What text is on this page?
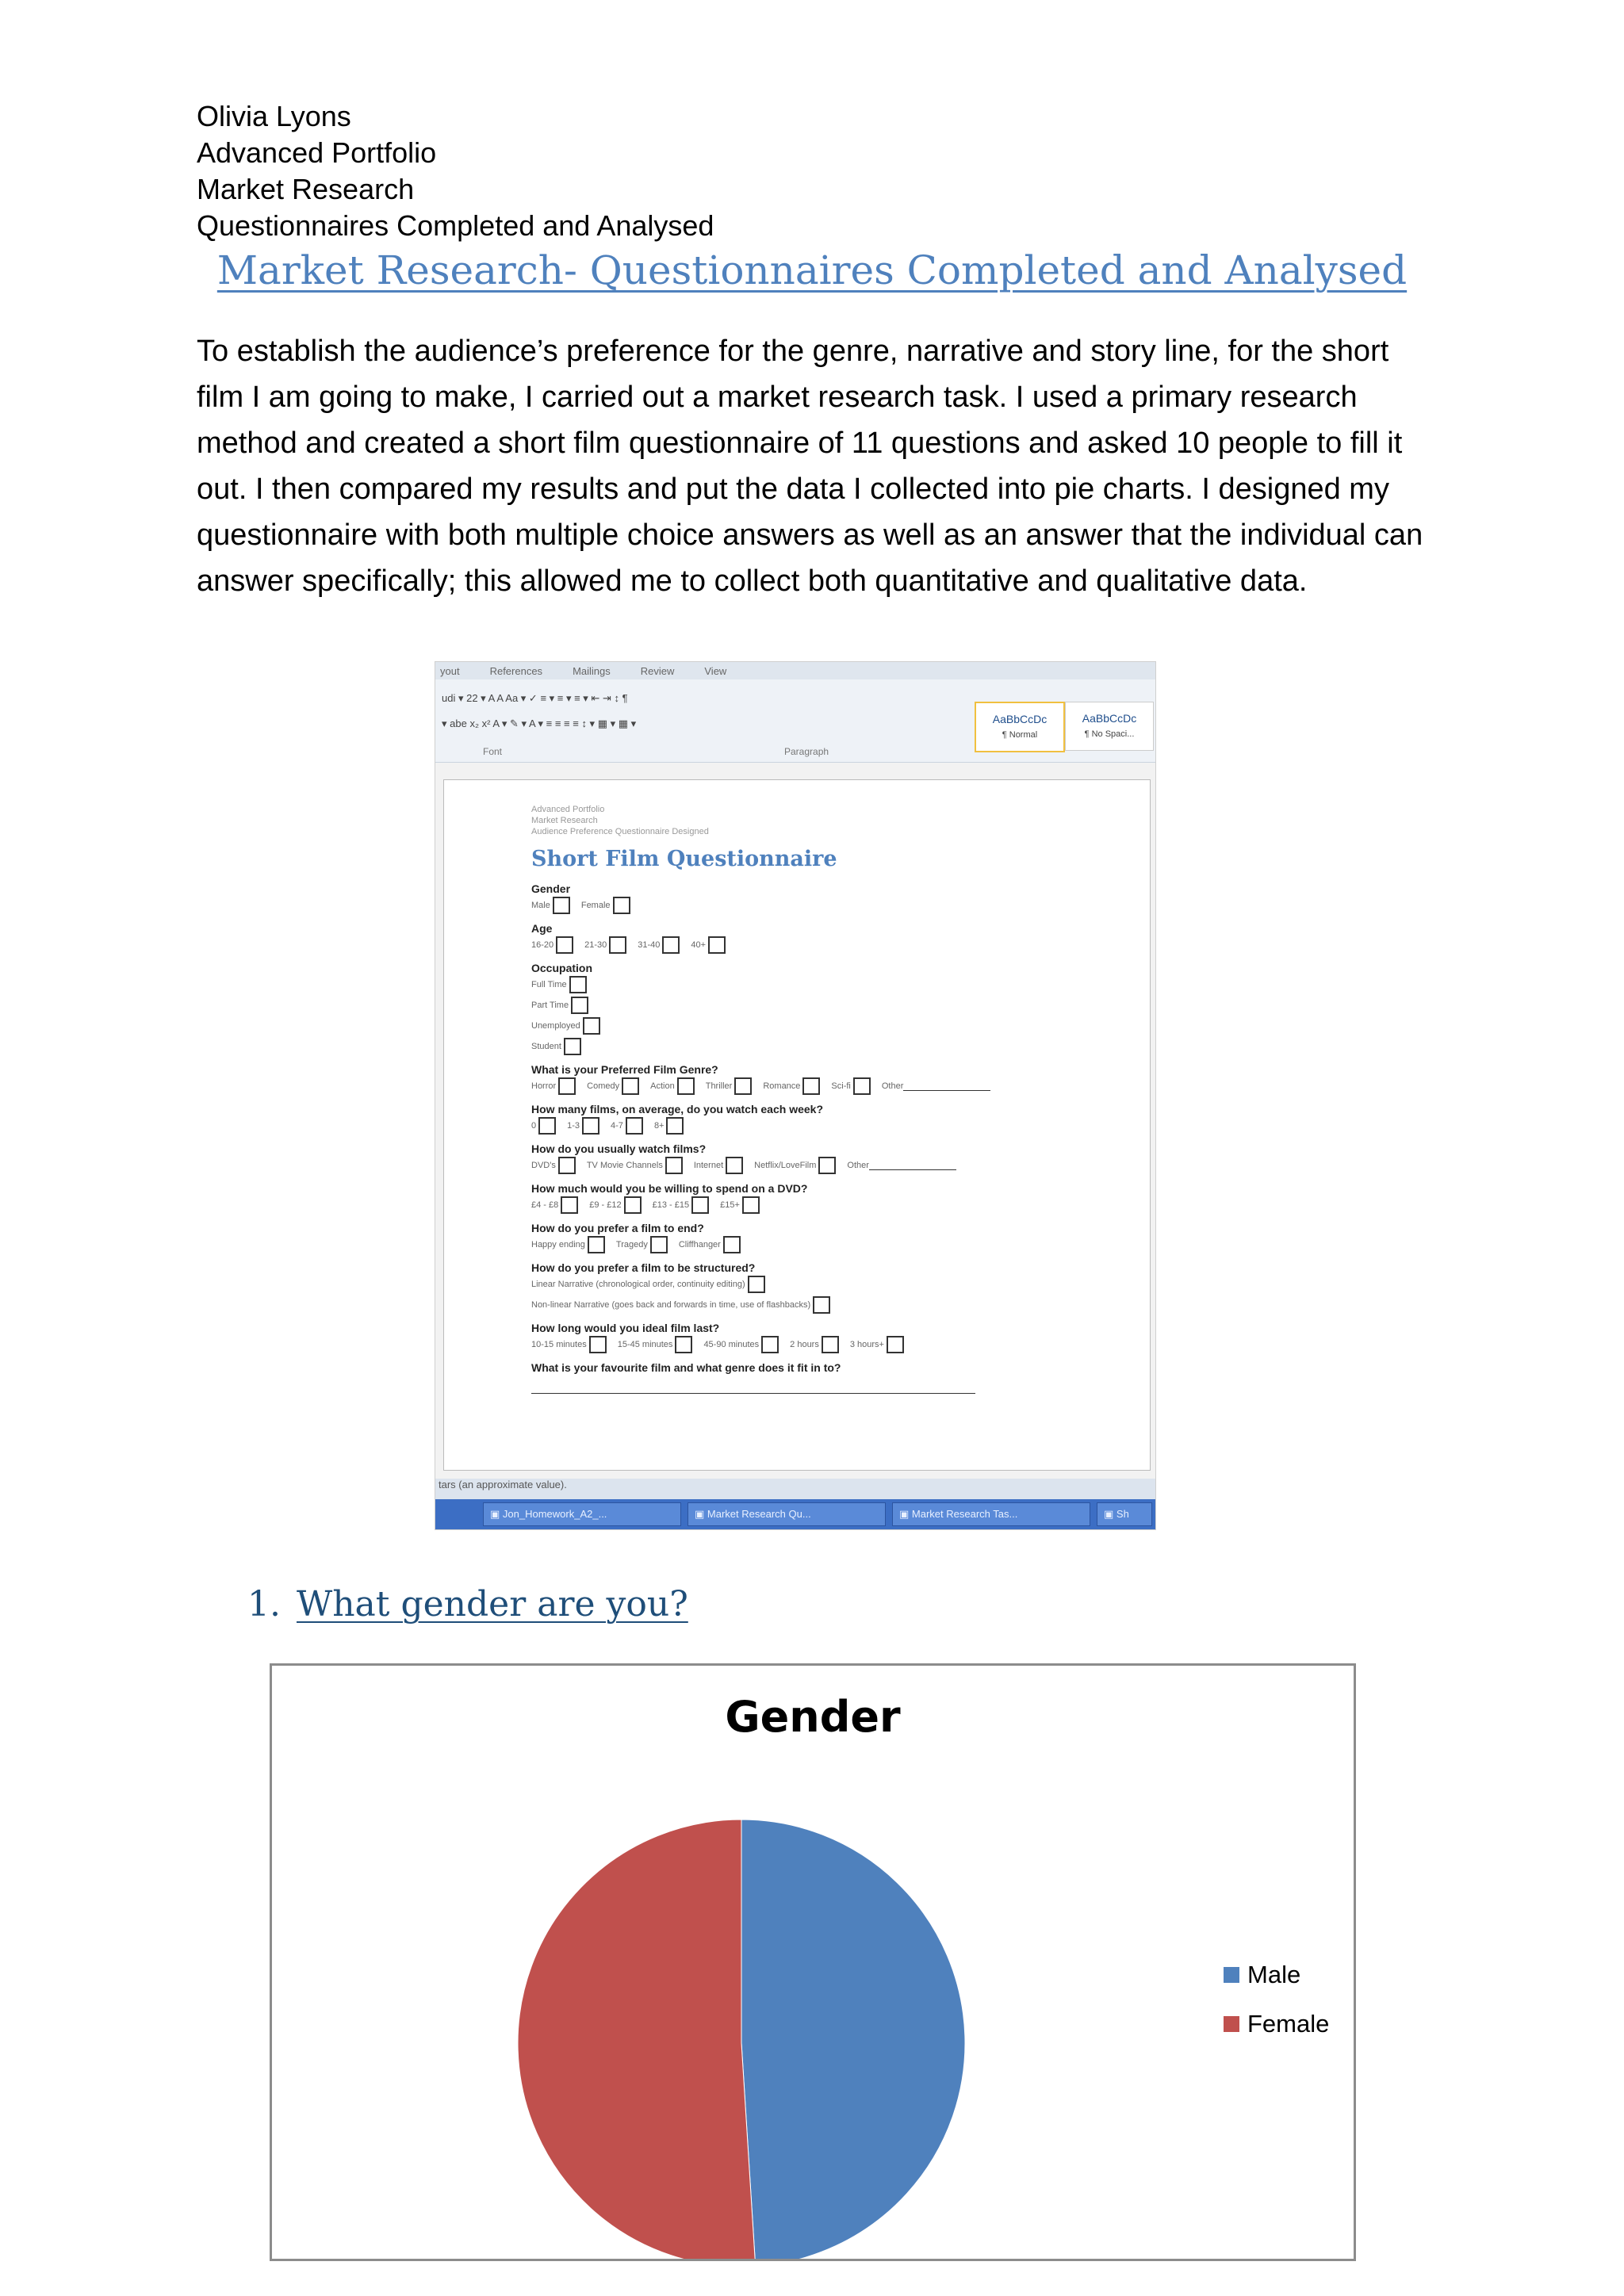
Olivia Lyons
Advanced Portfolio
Market Research
Questionnaires Completed and Analysed
Market Research- Questionnaires Completed and Analysed

To establish the audience’s preference for the genre, narrative and story line, for the short film I am going to make, I carried out a market research task. I used a primary research method and created a short film questionnaire of 11 questions and asked 10 people to fill it out. I then compared my results and put the data I collected into pie charts. I designed my questionnaire with both multiple choice answers as well as an answer that the individual can answer specifically; this allowed me to collect both quantitative and qualitative data.

yout	References	Mailings	Review	View
udi ▾ 22 ▾ A A Aa ▾ ✓ ≡ ▾ ≡ ▾ ≡ ▾ ⇤ ⇥ ↕ ¶
▾ abe x₂ x² A ▾ ✎ ▾ A ▾ ≡ ≡ ≡ ≡ ↕ ▾ ▦ ▾ ▦ ▾
Font	Paragraph
AaBbCcDc
¶ Normal
AaBbCcDc
¶ No Spaci...
Advanced Portfolio
Market Research
Audience Preference Questionnaire Designed
Short Film Questionnaire
Gender
Male	Female
Age
16-20	21-30	31-40	40+
Occupation
Full Time
Part Time
Unemployed
Student
What is your Preferred Film Genre?
Horror	Comedy	Action	Thriller	Romance	Sci-fi	Other
How many films, on average, do you watch each week?
0	1-3	4-7	8+
How do you usually watch films?
DVD's	TV Movie Channels	Internet	Netflix/LoveFilm	Other
How much would you be willing to spend on a DVD?
£4 - £8	£9 - £12	£13 - £15	£15+
How do you prefer a film to end?
Happy ending	Tragedy	Cliffhanger
How do you prefer a film to be structured?
Linear Narrative (chronological order, continuity editing)
Non-linear Narrative (goes back and forwards in time, use of flashbacks)
How long would you ideal film last?
10-15 minutes	15-45 minutes	45-90 minutes	2 hours	3 hours+
What is your favourite film and what genre does it fit in to?
tars (an approximate value).
▣ Jon_Homework_A2_...	▣ Market Research Qu...	▣ Market Research Tas...	▣ Sh
1. What gender are you?
Gender
Male
Female
